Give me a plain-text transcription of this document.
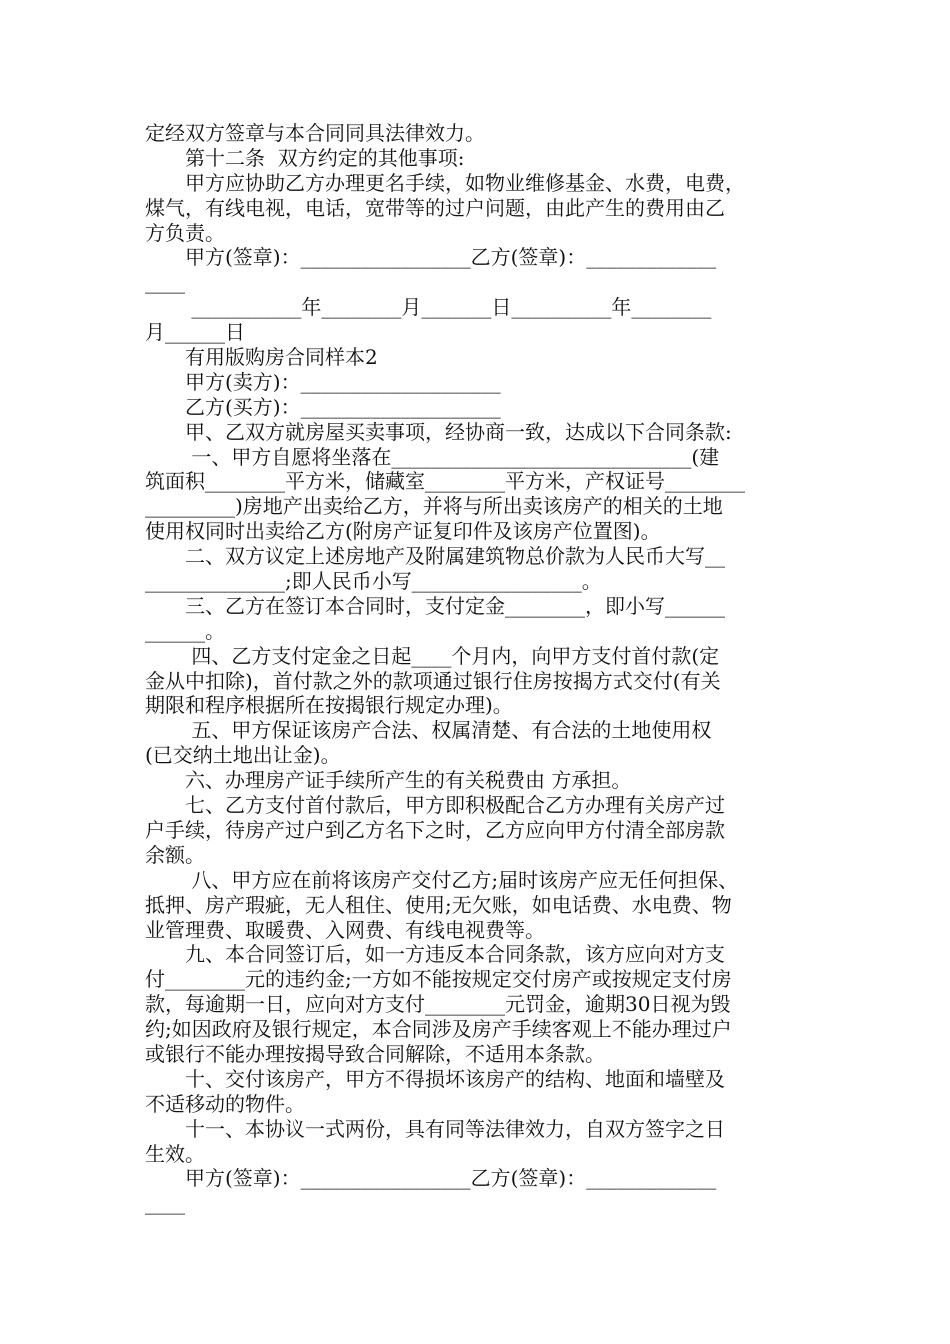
定经双方签章与本合同同具法律效力。
　　第十二条  双方约定的其他事项:
　　甲方应协助乙方办理更名手续，如物业维修基金、水费，电费，
煤气，有线电视，电话，宽带等的过户问题，由此产生的费用由乙
方负责。
　　甲方(签章)：_________________乙方(签章)：_____________
____
　　 ___________年________月_______日__________年________
月______日
　　有用版购房合同样本2
　　甲方(卖方)：____________________
　　乙方(买方)：____________________
　　甲、乙双方就房屋买卖事项，经协商一致，达成以下合同条款:
　　 一、甲方自愿将坐落在______________________________(建
筑面积________平方米，储藏室________平方米，产权证号________
_________)房地产出卖给乙方，并将与所出卖该房产的相关的土地
使用权同时出卖给乙方(附房产证复印件及该房产位置图)。
　　二、双方议定上述房地产及附属建筑物总价款为人民币大写__
______________;即人民币小写_________________。
　　三、乙方在签订本合同时，支付定金________，即小写______
______。
　　 四、乙方支付定金之日起____个月内，向甲方支付首付款(定
金从中扣除)，首付款之外的款项通过银行住房按揭方式交付(有关
期限和程序根据所在按揭银行规定办理)。
　　 五、甲方保证该房产合法、权属清楚、有合法的土地使用权
(已交纳土地出让金)。
　　六、办理房产证手续所产生的有关税费由 方承担。
　　七、乙方支付首付款后，甲方即积极配合乙方办理有关房产过
户手续，待房产过户到乙方名下之时，乙方应向甲方付清全部房款
余额。
　　 八、甲方应在前将该房产交付乙方;届时该房产应无任何担保、
抵押、房产瑕疵，无人租住、使用;无欠账，如电话费、水电费、物
业管理费、取暖费、入网费、有线电视费等。
　　九、本合同签订后，如一方违反本合同条款，该方应向对方支
付________元的违约金;一方如不能按规定交付房产或按规定支付房
款，每逾期一日，应向对方支付________元罚金，逾期30日视为毁
约;如因政府及银行规定，本合同涉及房产手续客观上不能办理过户
或银行不能办理按揭导致合同解除，不适用本条款。
　　十、交付该房产，甲方不得损坏该房产的结构、地面和墙壁及
不适移动的物件。
　　十一、本协议一式两份，具有同等法律效力，自双方签字之日
生效。
　　甲方(签章)：_________________乙方(签章)：_____________
____
